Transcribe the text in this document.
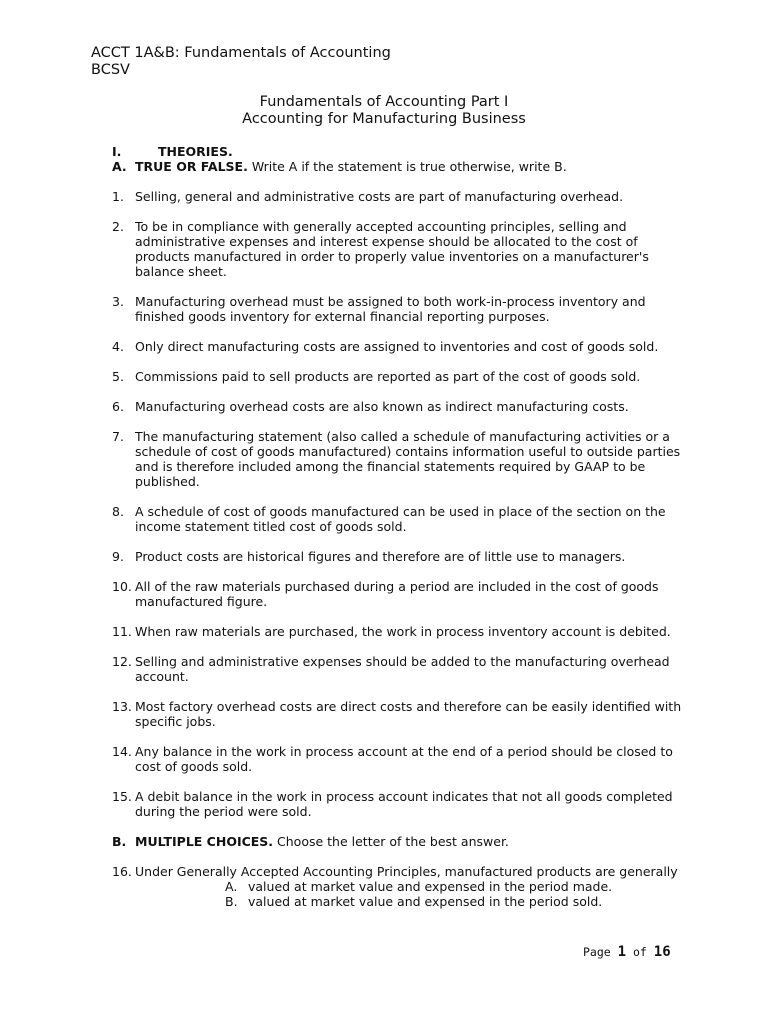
ACCT 1A&B: Fundamentals of Accounting
BCSV
Fundamentals of Accounting Part I
Accounting for Manufacturing Business
I.	THEORIES.
A. TRUE OR FALSE. Write A if the statement is true otherwise, write B.
1. Selling, general and administrative costs are part of manufacturing overhead.
2. To be in compliance with generally accepted accounting principles, selling and administrative expenses and interest expense should be allocated to the cost of products manufactured in order to properly value inventories on a manufacturer's balance sheet.
3. Manufacturing overhead must be assigned to both work-in-process inventory and finished goods inventory for external financial reporting purposes.
4. Only direct manufacturing costs are assigned to inventories and cost of goods sold.
5. Commissions paid to sell products are reported as part of the cost of goods sold.
6. Manufacturing overhead costs are also known as indirect manufacturing costs.
7. The manufacturing statement (also called a schedule of manufacturing activities or a schedule of cost of goods manufactured) contains information useful to outside parties and is therefore included among the financial statements required by GAAP to be published.
8. A schedule of cost of goods manufactured can be used in place of the section on the income statement titled cost of goods sold.
9. Product costs are historical figures and therefore are of little use to managers.
10. All of the raw materials purchased during a period are included in the cost of goods manufactured figure.
11. When raw materials are purchased, the work in process inventory account is debited.
12. Selling and administrative expenses should be added to the manufacturing overhead account.
13. Most factory overhead costs are direct costs and therefore can be easily identified with specific jobs.
14. Any balance in the work in process account at the end of a period should be closed to cost of goods sold.
15. A debit balance in the work in process account indicates that not all goods completed during the period were sold.
B. MULTIPLE CHOICES. Choose the letter of the best answer.
16. Under Generally Accepted Accounting Principles, manufactured products are generally
A. valued at market value and expensed in the period made.
B. valued at market value and expensed in the period sold.
Page 1 of 16
